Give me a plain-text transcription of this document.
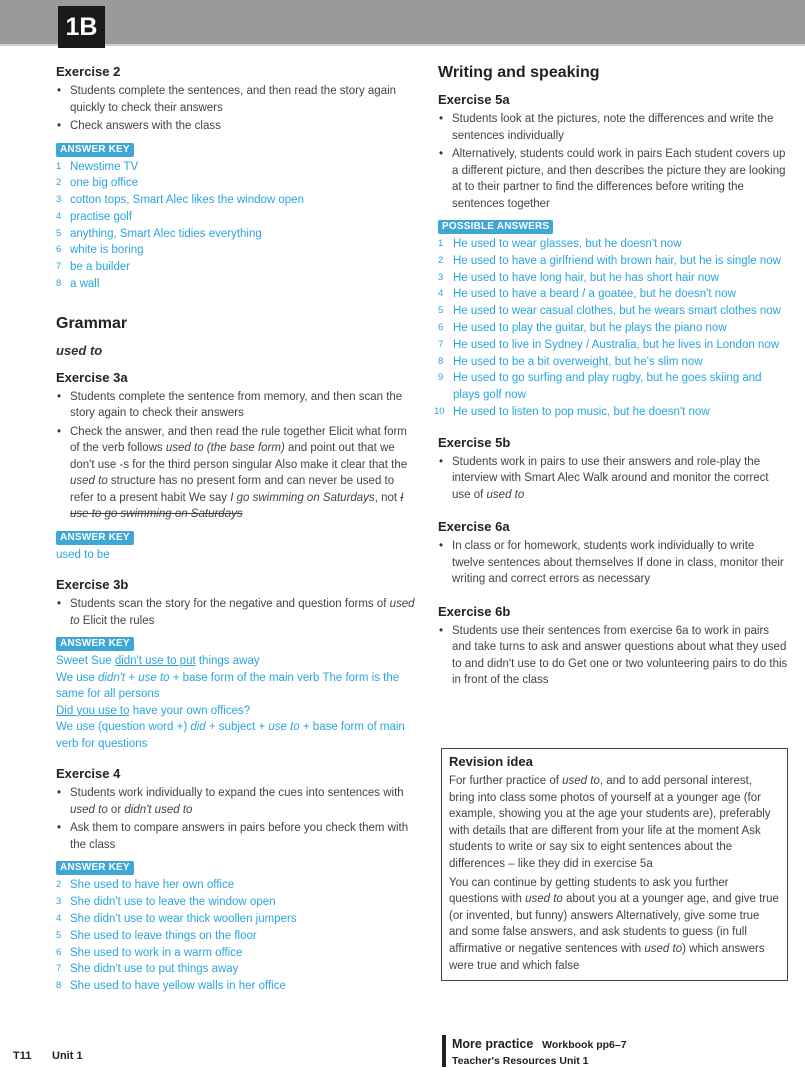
1B
Exercise 2
• Students complete the sentences, and then read the story again quickly to check their answers
• Check answers with the class
ANSWER KEY
1 Newstime TV
2 one big office
3 cotton tops, Smart Alec likes the window open
4 practise golf
5 anything, Smart Alec tidies everything
6 white is boring
7 be a builder
8 a wall
Grammar
used to
Exercise 3a
• Students complete the sentence from memory, and then scan the story again to check their answers
• Check the answer, and then read the rule together Elicit what form of the verb follows used to (the base form) and point out that we don't use -s for the third person singular Also make it clear that the used to structure has no present form and can never be used to refer to a present habit We say I go swimming on Saturdays, not I use to go swimming on Saturdays
ANSWER KEY
used to be
Exercise 3b
• Students scan the story for the negative and question forms of used to Elicit the rules
ANSWER KEY

Sweet Sue didn't use to put things away

We use didn't + use to + base form of the main verb The form is the same for all persons

Did you use to have your own offices?

We use (question word +) did + subject + use to + base form of main verb for questions

Exercise 4
• Students work individually to expand the cues into sentences with used to or didn't used to
• Ask them to compare answers in pairs before you check them with the class
ANSWER KEY
2 She used to have her own office
3 She didn't use to leave the window open
4 She didn't use to wear thick woollen jumpers
5 She used to leave things on the floor
6 She used to work in a warm office
7 She didn't use to put things away
8 She used to have yellow walls in her office
Writing and speaking
Exercise 5a
• Students look at the pictures, note the differences and write the sentences individually
• Alternatively, students could work in pairs Each student covers up a different picture, and then describes the picture they are looking at to their partner to find the differences before writing the sentences together
POSSIBLE ANSWERS
1 He used to wear glasses, but he doesn't now
2 He used to have a girlfriend with brown hair, but he is single now
3 He used to have long hair, but he has short hair now
4 He used to have a beard / a goatee, but he doesn't now
5 He used to wear casual clothes, but he wears smart clothes now
6 He used to play the guitar, but he plays the piano now
7 He used to live in Sydney / Australia, but he lives in London now
8 He used to be a bit overweight, but he's slim now
9 He used to go surfing and play rugby, but he goes skiing and plays golf now
10 He used to listen to pop music, but he doesn't now
Exercise 5b
• Students work in pairs to use their answers and role-play the interview with Smart Alec Walk around and monitor the correct use of used to
Exercise 6a
• In class or for homework, students work individually to write twelve sentences about themselves If done in class, monitor their writing and correct errors as necessary
Exercise 6b
• Students use their sentences from exercise 6a to work in pairs and take turns to ask and answer questions about what they used to and didn't use to do Get one or two volunteering pairs to do this in front of the class
Revision idea

For further practice of used to, and to add personal interest, bring into class some photos of yourself at a younger age (for example, showing you at the age your students are), preferably with details that are different from your life at the moment Ask students to write or say six to eight sentences about the differences – like they did in exercise 5a

You can continue by getting students to ask you further questions with used to about you at a younger age, and give true (or invented, but funny) answers Alternatively, give some true and some false answers, and ask students to guess (in full affirmative or negative sentences with used to) which answers were true and which false

T11 Unit 1
More practice Workbook pp6–7
Teacher's Resources Unit 1
